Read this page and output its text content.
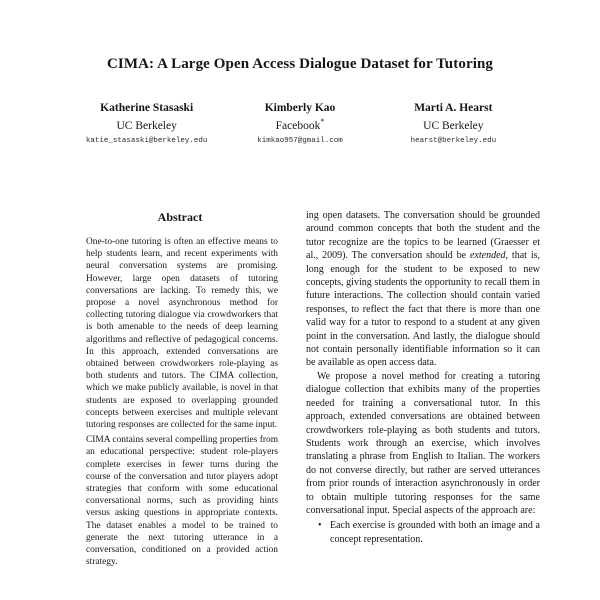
CIMA: A Large Open Access Dialogue Dataset for Tutoring
Katherine Stasaski
UC Berkeley
katie_stasaski@berkeley.edu
Kimberly Kao
Facebook*
kimkao957@gmail.com
Marti A. Hearst
UC Berkeley
hearst@berkeley.edu
Abstract

One-to-one tutoring is often an effective means to help students learn, and recent experiments with neural conversation systems are promising. However, large open datasets of tutoring conversations are lacking. To remedy this, we propose a novel asynchronous method for collecting tutoring dialogue via crowdworkers that is both amenable to the needs of deep learning algorithms and reflective of pedagogical concerns. In this approach, extended conversations are obtained between crowdworkers role-playing as both students and tutors. The CIMA collection, which we make publicly available, is novel in that students are exposed to overlapping grounded concepts between exercises and multiple relevant tutoring responses are collected for the same input.

CIMA contains several compelling properties from an educational perspective: student role-players complete exercises in fewer turns during the course of the conversation and tutor players adopt strategies that conform with some educational conversational norms, such as providing hints versus asking questions in appropriate contexts. The dataset enables a model to be trained to generate the next tutoring utterance in a conversation, conditioned on a provided action strategy.

ing open datasets. The conversation should be grounded around common concepts that both the student and the tutor recognize are the topics to be learned (Graesser et al., 2009). The conversation should be extended, that is, long enough for the student to be exposed to new concepts, giving students the opportunity to recall them in future interactions. The collection should contain varied responses, to reflect the fact that there is more than one valid way for a tutor to respond to a student at any given point in the conversation. And lastly, the dialogue should not contain personally identifiable information so it can be available as open access data.

We propose a novel method for creating a tutoring dialogue collection that exhibits many of the properties needed for training a conversational tutor. In this approach, extended conversations are obtained between crowdworkers role-playing as both students and tutors. Students work through an exercise, which involves translating a phrase from English to Italian. The workers do not converse directly, but rather are served utterances from prior rounds of interaction asynchronously in order to obtain multiple tutoring responses for the same conversational input. Special aspects of the approach are:

• Each exercise is grounded with both an image and a concept representation.
